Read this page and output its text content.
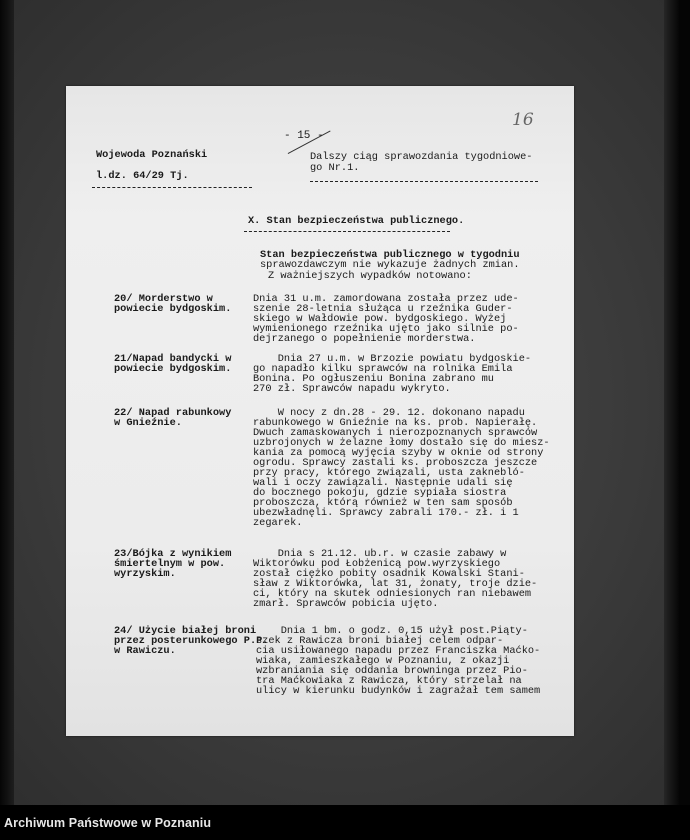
16
- 15 -
Wojewoda Poznański
l.dz. 64/29 Tj.
Dalszy ciąg sprawozdania tygodniowe-
go Nr.1.
X. Stan bezpieczeństwa publicznego.
Stan bezpieczeństwa publicznego w tygodniu
sprawozdawczym nie wykazuje żadnych zmian.
Z ważniejszych wypadków notowano:
20/ Morderstwo w
powiecie bydgoskim.
Dnia 31 u.m. zamordowana została przez ude-
szenie 28-letnia służąca u rzeźnika Guder-
skiego w Wałdowie pow. bydgoskiego. Wyżej
wymienionego rzeźnika ujęto jako silnie po-
dejrzanego o popełnienie morderstwa.
21/Napad bandycki w
powiecie bydgoskim.
Dnia 27 u.m. w Brzozie powiatu bydgoskie-
go napadło kilku sprawców na rolnika Emila
Bonina. Po ogłuszeniu Bonina zabrano mu
270 zł. Sprawców napadu wykryto.
22/ Napad rabunkowy
w Gnieźnie.
W nocy z dn.28 - 29. 12. dokonano napadu
rabunkowego w Gnieźnie na ks. prob. Napierałę.
Dwuch zamaskowanych i nierozpoznanych sprawców
uzbrojonych w żelazne łomy dostało się do miesz-
kania za pomocą wyjęcia szyby w oknie od strony
ogrodu. Sprawcy zastali ks. proboszcza jeszcze
przy pracy, którego związali, usta zaknebló-
wali i oczy zawiązali. Następnie udali się
do bocznego pokoju, gdzie sypiała siostra
proboszcza, którą również w ten sam sposób
ubezwładnęli. Sprawcy zabrali 170.- zł. i 1
zegarek.
23/Bójka z wynikiem
śmiertelnym w pow.
wyrzyskim.
Dnia s 21.12. ub.r. w czasie zabawy w
Wiktorówku pod Łobżenicą pow.wyrzyskiego
został ciężko pobity osadnik Kowalski Stani-
sław z Wiktorówka, lat 31, żonaty, troje dzie-
ci, który na skutek odniesionych ran niebawem
zmarł. Sprawców pobicia ujęto.
24/ Użycie białej broni
przez posterunkowego P.P.
w Rawiczu.
Dnia 1 bm. o godz. 0,15 użył post.Piąty-
szek z Rawicza broni białej celem odpar-
cia usiłowanego napadu przez Franciszka Maćko-
wiaka, zamieszkałego w Poznaniu, z okazji
wzbraniania się oddania browninga przez Pio-
tra Maćkowiaka z Rawicza, który strzelał na
ulicy w kierunku budynków i zagrażał tem samem
Archiwum Państwowe w Poznaniu
